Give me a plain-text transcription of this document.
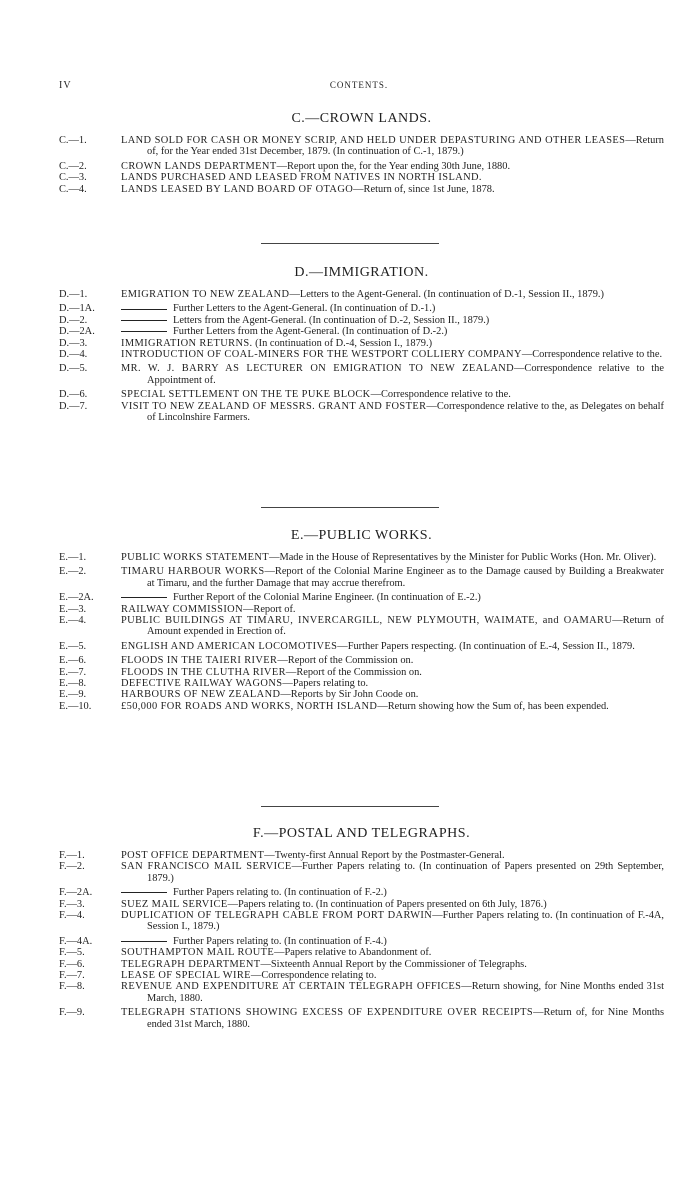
IV	CONTENTS.
C.—CROWN LANDS.
C.—1.	LAND SOLD FOR CASH OR MONEY SCRIP, AND HELD UNDER DEPASTURING AND OTHER LEASES—Return of, for the Year ended 31st December, 1879. (In continuation of C.-1, 1879.)
C.—2.	CROWN LANDS DEPARTMENT—Report upon the, for the Year ending 30th June, 1880.
C.—3.	LANDS PURCHASED AND LEASED FROM NATIVES IN NORTH ISLAND.
C.—4.	LANDS LEASED BY LAND BOARD OF OTAGO—Return of, since 1st June, 1878.
D.—IMMIGRATION.
D.—1.	EMIGRATION TO NEW ZEALAND—Letters to the Agent-General. (In continuation of D.-1, Session II., 1879.)
D.—1A.	Further Letters to the Agent-General. (In continuation of D.-1.)
D.—2.	Letters from the Agent-General. (In continuation of D.-2, Session II., 1879.)
D.—2A.	Further Letters from the Agent-General. (In continuation of D.-2.)
D.—3.	IMMIGRATION RETURNS. (In continuation of D.-4, Session I., 1879.)
D.—4.	INTRODUCTION OF COAL-MINERS FOR THE WESTPORT COLLIERY COMPANY—Correspondence relative to the.
D.—5.	MR. W. J. BARRY AS LECTURER ON EMIGRATION TO NEW ZEALAND—Correspondence relative to the Appointment of.
D.—6.	SPECIAL SETTLEMENT ON THE TE PUKE BLOCK—Correspondence relative to the.
D.—7.	VISIT TO NEW ZEALAND OF MESSRS. GRANT AND FOSTER—Correspondence relative to the, as Delegates on behalf of Lincolnshire Farmers.
E.—PUBLIC WORKS.
E.—1.	PUBLIC WORKS STATEMENT—Made in the House of Representatives by the Minister for Public Works (Hon. Mr. Oliver).
E.—2.	TIMARU HARBOUR WORKS—Report of the Colonial Marine Engineer as to the Damage caused by Building a Breakwater at Timaru, and the further Damage that may accrue therefrom.
E.—2A.	Further Report of the Colonial Marine Engineer. (In continuation of E.-2.)
E.—3.	RAILWAY COMMISSION—Report of.
E.—4.	PUBLIC BUILDINGS AT TIMARU, INVERCARGILL, NEW PLYMOUTH, WAIMATE, and OAMARU—Return of Amount expended in Erection of.
E.—5.	ENGLISH AND AMERICAN LOCOMOTIVES—Further Papers respecting. (In continuation of E.-4, Session II., 1879.
E.—6.	FLOODS IN THE TAIERI RIVER—Report of the Commission on.
E.—7.	FLOODS IN THE CLUTHA RIVER—Report of the Commission on.
E.—8.	DEFECTIVE RAILWAY WAGONS—Papers relating to.
E.—9.	HARBOURS OF NEW ZEALAND—Reports by Sir John Coode on.
E.—10.	£50,000 FOR ROADS AND WORKS, NORTH ISLAND—Return showing how the Sum of, has been expended.
F.—POSTAL AND TELEGRAPHS.
F.—1.	POST OFFICE DEPARTMENT—Twenty-first Annual Report by the Postmaster-General.
F.—2.	SAN FRANCISCO MAIL SERVICE—Further Papers relating to. (In continuation of Papers presented on 29th September, 1879.)
F.—2A.	Further Papers relating to. (In continuation of F.-2.)
F.—3.	SUEZ MAIL SERVICE—Papers relating to. (In continuation of Papers presented on 6th July, 1876.)
F.—4.	DUPLICATION OF TELEGRAPH CABLE FROM PORT DARWIN—Further Papers relating to. (In continuation of F.-4A, Session I., 1879.)
F.—4A.	Further Papers relating to. (In continuation of F.-4.)
F.—5.	SOUTHAMPTON MAIL ROUTE—Papers relative to Abandonment of.
F.—6.	TELEGRAPH DEPARTMENT—Sixteenth Annual Report by the Commissioner of Telegraphs.
F.—7.	LEASE OF SPECIAL WIRE—Correspondence relating to.
F.—8.	REVENUE AND EXPENDITURE AT CERTAIN TELEGRAPH OFFICES—Return showing, for Nine Months ended 31st March, 1880.
F.—9.	TELEGRAPH STATIONS SHOWING EXCESS OF EXPENDITURE OVER RECEIPTS—Return of, for Nine Months ended 31st March, 1880.
